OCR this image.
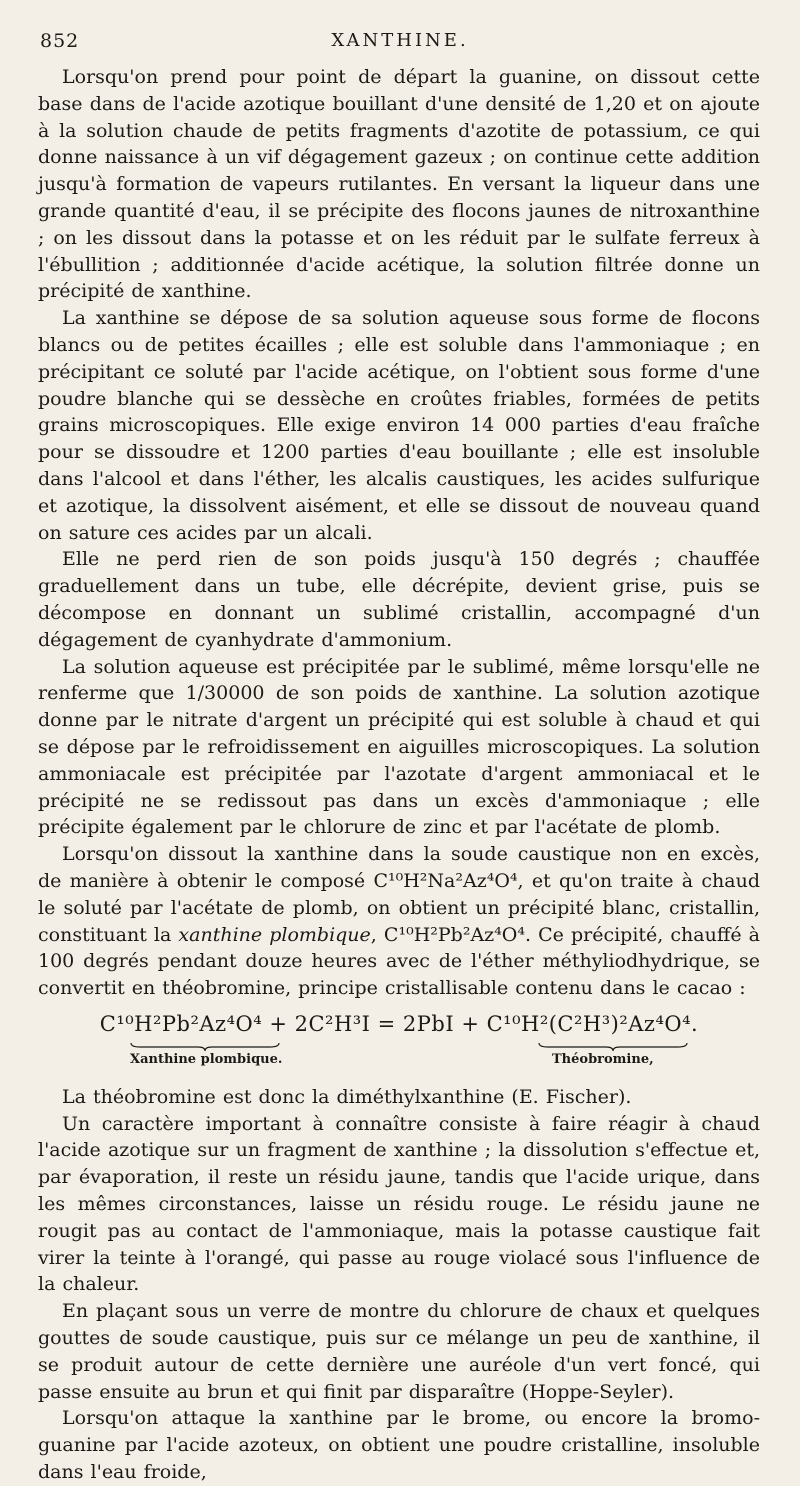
852	XANTHINE.

Lorsqu'on prend pour point de départ la guanine, on dissout cette base dans de l'acide azotique bouillant d'une densité de 1,20 et on ajoute à la solution chaude de petits fragments d'azotite de potassium, ce qui donne naissance à un vif dégagement gazeux ; on continue cette addition jusqu'à formation de vapeurs rutilantes. En versant la liqueur dans une grande quantité d'eau, il se précipite des flocons jaunes de nitroxanthine ; on les dissout dans la potasse et on les réduit par le sulfate ferreux à l'ébullition ; additionnée d'acide acétique, la solution filtrée donne un précipité de xanthine.

La xanthine se dépose de sa solution aqueuse sous forme de flocons blancs ou de petites écailles ; elle est soluble dans l'ammoniaque ; en précipitant ce soluté par l'acide acétique, on l'obtient sous forme d'une poudre blanche qui se dessèche en croûtes friables, formées de petits grains microscopiques. Elle exige environ 14 000 parties d'eau fraîche pour se dissoudre et 1200 parties d'eau bouillante ; elle est insoluble dans l'alcool et dans l'éther, les alcalis caustiques, les acides sulfurique et azotique, la dissolvent aisément, et elle se dissout de nouveau quand on sature ces acides par un alcali.

Elle ne perd rien de son poids jusqu'à 150 degrés ; chauffée graduellement dans un tube, elle décrépite, devient grise, puis se décompose en donnant un sublimé cristallin, accompagné d'un dégagement de cyanhydrate d'ammonium.

La solution aqueuse est précipitée par le sublimé, même lorsqu'elle ne renferme que 1/30000 de son poids de xanthine. La solution azotique donne par le nitrate d'argent un précipité qui est soluble à chaud et qui se dépose par le refroidissement en aiguilles microscopiques. La solution ammoniacale est précipitée par l'azotate d'argent ammoniacal et le précipité ne se redissout pas dans un excès d'ammoniaque ; elle précipite également par le chlorure de zinc et par l'acétate de plomb.

Lorsqu'on dissout la xanthine dans la soude caustique non en excès, de manière à obtenir le composé C¹⁰H²Na²Az⁴O⁴, et qu'on traite à chaud le soluté par l'acétate de plomb, on obtient un précipité blanc, cristallin, constituant la xanthine plombique, C¹⁰H²Pb²Az⁴O⁴. Ce précipité, chauffé à 100 degrés pendant douze heures avec de l'éther méthyliodhydrique, se convertit en théobromine, principe cristallisable contenu dans le cacao :

C¹⁰H²Pb²Az⁴O⁴ + 2C²H³I = 2PbI + C¹⁰H²(C²H³)²Az⁴O⁴.
Xanthine plombique.	Théobromine,

La théobromine est donc la diméthylxanthine (E. Fischer).

Un caractère important à connaître consiste à faire réagir à chaud l'acide azotique sur un fragment de xanthine ; la dissolution s'effectue et, par évaporation, il reste un résidu jaune, tandis que l'acide urique, dans les mêmes circonstances, laisse un résidu rouge. Le résidu jaune ne rougit pas au contact de l'ammoniaque, mais la potasse caustique fait virer la teinte à l'orangé, qui passe au rouge violacé sous l'influence de la chaleur.

En plaçant sous un verre de montre du chlorure de chaux et quelques gouttes de soude caustique, puis sur ce mélange un peu de xanthine, il se produit autour de cette dernière une auréole d'un vert foncé, qui passe ensuite au brun et qui finit par disparaître (Hoppe-Seyler).

Lorsqu'on attaque la xanthine par le brome, ou encore la bromo-guanine par l'acide azoteux, on obtient une poudre cristalline, insoluble dans l'eau froide,
